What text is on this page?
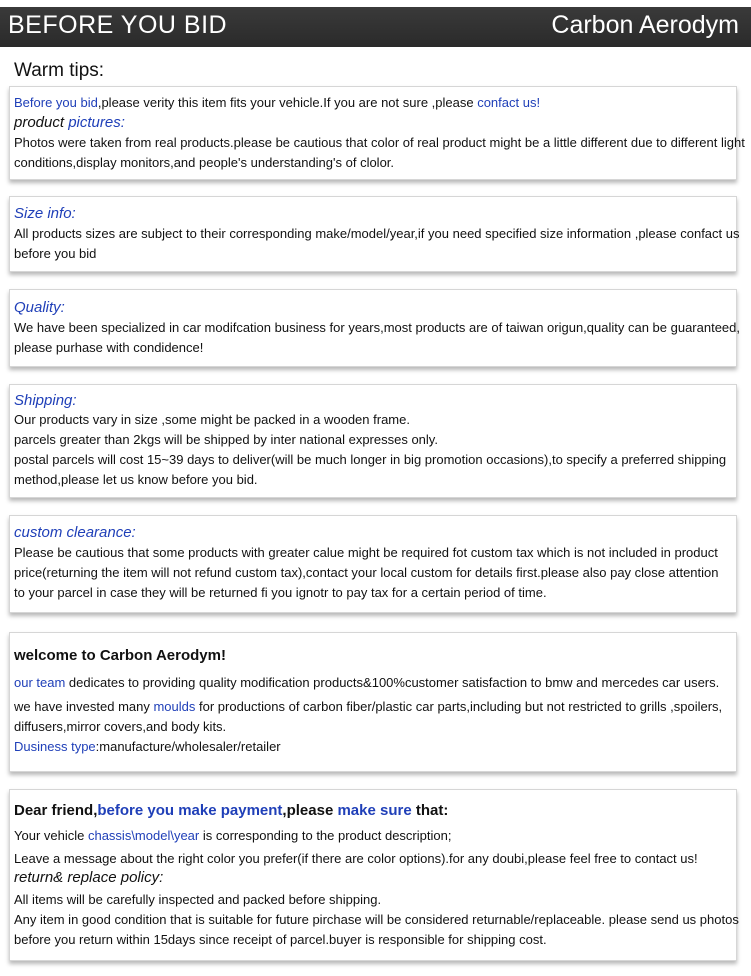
BEFORE YOU BID	Carbon Aerodym
Warm tips:
Before you bid,please verity this item fits your vehicle.If you are not sure ,please confact us!
product pictures:
Photos were taken from real products.please be cautious that color of real product might be a little different due to different light
conditions,display monitors,and people's understanding's of clolor.
Size info:
All products sizes are subject to their corresponding make/model/year,if you need specified size information ,please confact us
before you bid
Quality:
We have been specialized in car modifcation business for years,most products are of taiwan origun,quality can be guaranteed,
please purhase with condidence!
Shipping:
Our products vary in size ,some might be packed in a wooden frame.
parcels greater than 2kgs will be shipped by inter national expresses only.
postal parcels will cost 15~39 days to deliver(will be much longer in big promotion occasions),to specify a preferred shipping
method,please let us know before you bid.
custom clearance:
Please be cautious that some products with greater calue might be required fot custom tax which is not included in product
price(returning the item will not refund custom tax),contact your local custom for details first.please also pay close attention
to your parcel in case they will be returned fi you ignotr to pay tax for a certain period of time.
welcome to Carbon Aerodym!
our team dedicates to providing quality modification products&100%customer satisfaction to bmw and mercedes car users.
we have invested many moulds for productions of carbon fiber/plastic car parts,including but not restricted to grills ,spoilers,
diffusers,mirror covers,and body kits.
Dusiness type:manufacture/wholesaler/retailer
Dear friend,before you make payment,please make sure that:
Your vehicle chassis\model\year is corresponding to the product description;
Leave a message about the right color you prefer(if there are color options).for any doubi,please feel free to contact us!
return& replace policy:
All items will be carefully inspected and packed before shipping.
Any item in good condition that is suitable for future pirchase will be considered returnable/replaceable. please send us photos
before you return within 15days since receipt of parcel.buyer is responsible for shipping cost.
